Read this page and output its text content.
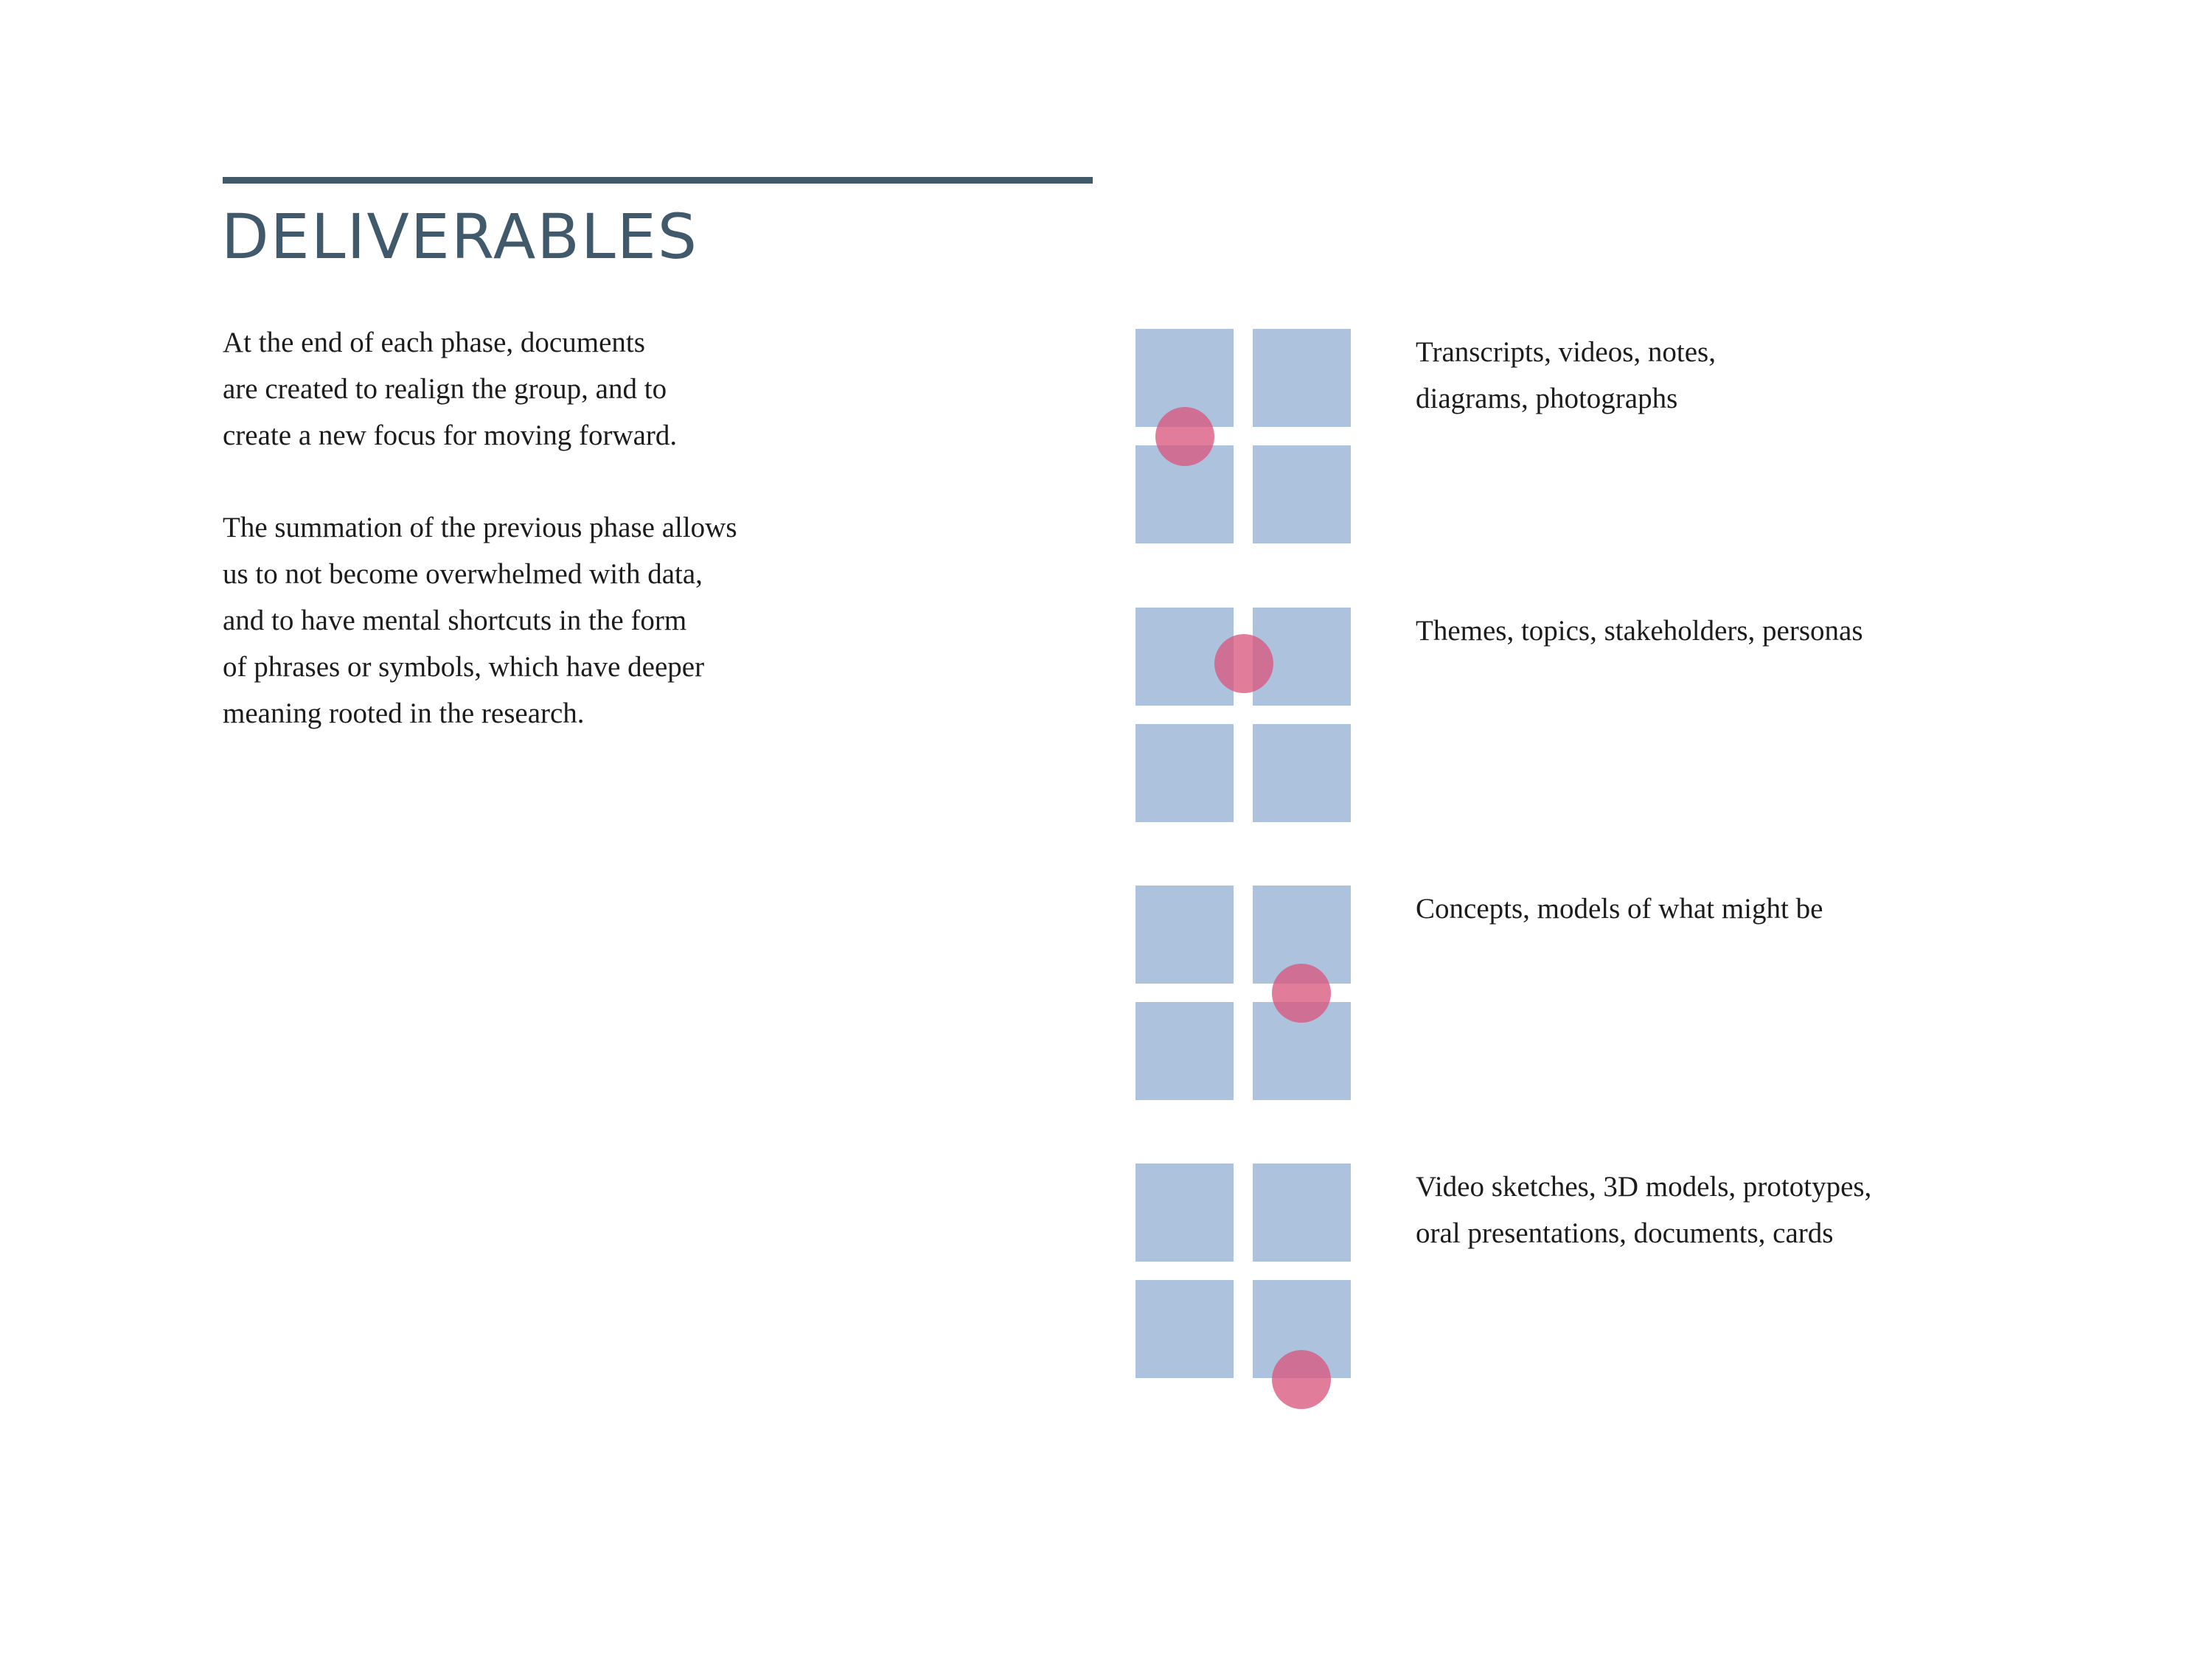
DELIVERABLES

At the end of each phase, documents
are created to realign the group, and to
create a new focus for moving forward.

The summation of the previous phase allows
us to not become overwhelmed with data,
and to have mental shortcuts in the form
of phrases or symbols, which have deeper
meaning rooted in the research.

Transcripts, videos, notes,
diagrams, photographs

Themes, topics, stakeholders, personas

Concepts, models of what might be

Video sketches, 3D models, prototypes,
oral presentations, documents, cards
